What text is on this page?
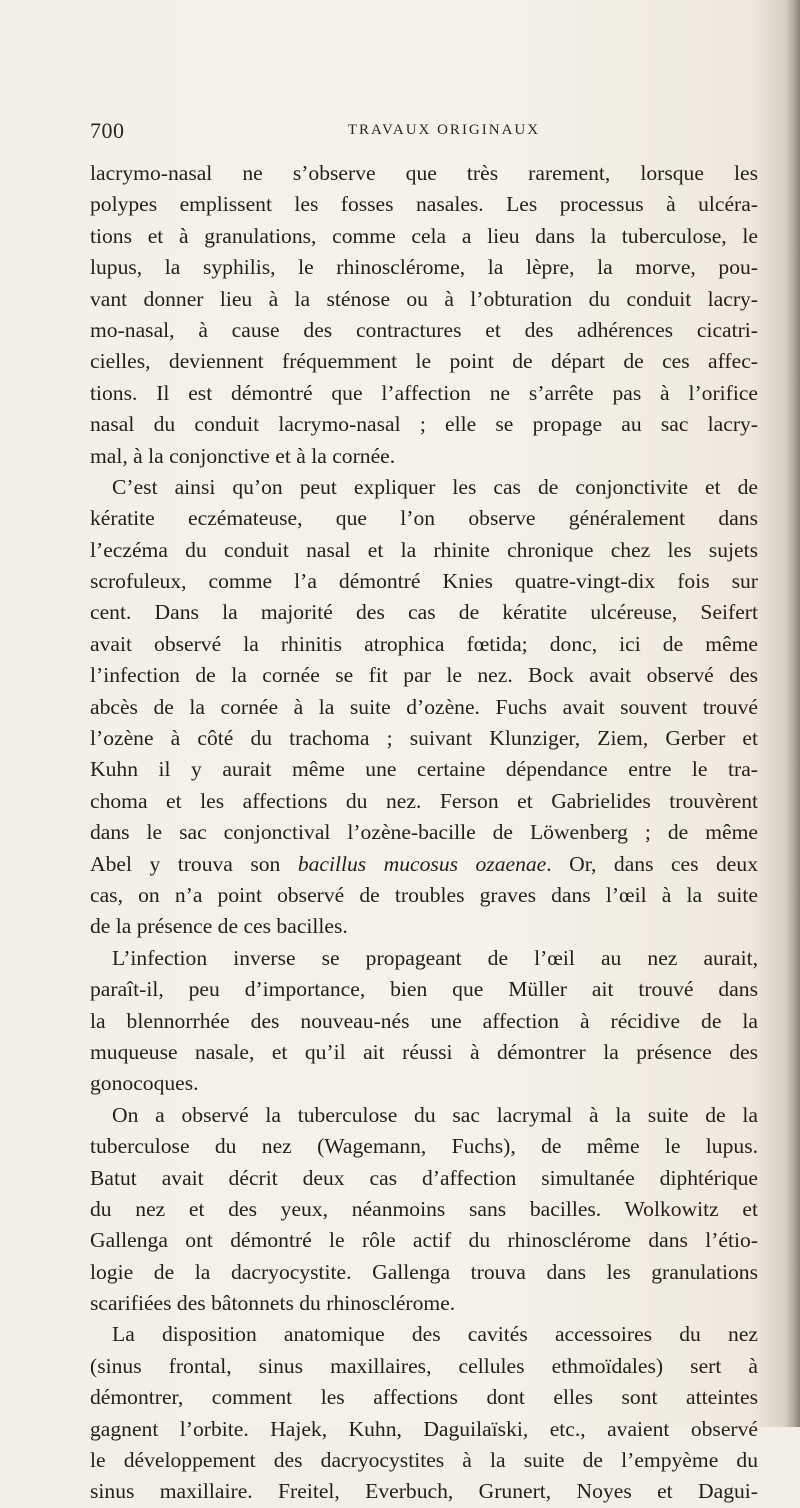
700	TRAVAUX ORIGINAUX
lacrymo-nasal ne s’observe que très rarement, lorsque les
polypes emplissent les fosses nasales. Les processus à ulcéra-
tions et à granulations, comme cela a lieu dans la tuberculose, le
lupus, la syphilis, le rhinosclérome, la lèpre, la morve, pou-
vant donner lieu à la sténose ou à l’obturation du conduit lacry-
mo-nasal, à cause des contractures et des adhérences cicatri-
cielles, deviennent fréquemment le point de départ de ces affec-
tions. Il est démontré que l’affection ne s’arrête pas à l’orifice
nasal du conduit lacrymo-nasal ; elle se propage au sac lacry-
mal, à la conjonctive et à la cornée.
C’est ainsi qu’on peut expliquer les cas de conjonctivite et de
kératite eczémateuse, que l’on observe généralement dans
l’eczéma du conduit nasal et la rhinite chronique chez les sujets
scrofuleux, comme l’a démontré Knies quatre-vingt-dix fois sur
cent. Dans la majorité des cas de kératite ulcéreuse, Seifert
avait observé la rhinitis atrophica fœtida; donc, ici de même
l’infection de la cornée se fit par le nez. Bock avait observé des
abcès de la cornée à la suite d’ozène. Fuchs avait souvent trouvé
l’ozène à côté du trachoma ; suivant Klunziger, Ziem, Gerber et
Kuhn il y aurait même une certaine dépendance entre le tra-
choma et les affections du nez. Ferson et Gabrielides trouvèrent
dans le sac conjonctival l’ozène-bacille de Löwenberg ; de même
Abel y trouva son bacillus mucosus ozaenae. Or, dans ces deux
cas, on n’a point observé de troubles graves dans l’œil à la suite
de la présence de ces bacilles.
L’infection inverse se propageant de l’œil au nez aurait,
paraît-il, peu d’importance, bien que Müller ait trouvé dans
la blennorrhée des nouveau-nés une affection à récidive de la
muqueuse nasale, et qu’il ait réussi à démontrer la présence des
gonocoques.
On a observé la tuberculose du sac lacrymal à la suite de la
tuberculose du nez (Wagemann, Fuchs), de même le lupus.
Batut avait décrit deux cas d’affection simultanée diphtérique
du nez et des yeux, néanmoins sans bacilles. Wolkowitz et
Gallenga ont démontré le rôle actif du rhinosclérome dans l’étio-
logie de la dacryocystite. Gallenga trouva dans les granulations
scarifiées des bâtonnets du rhinosclérome.
La disposition anatomique des cavités accessoires du nez
(sinus frontal, sinus maxillaires, cellules ethmoïdales) sert à
démontrer, comment les affections dont elles sont atteintes
gagnent l’orbite. Hajek, Kuhn, Daguilaïski, etc., avaient observé
le développement des dacryocystites à la suite de l’empyème du
sinus maxillaire. Freitel, Everbuch, Grunert, Noyes et Dagui-
